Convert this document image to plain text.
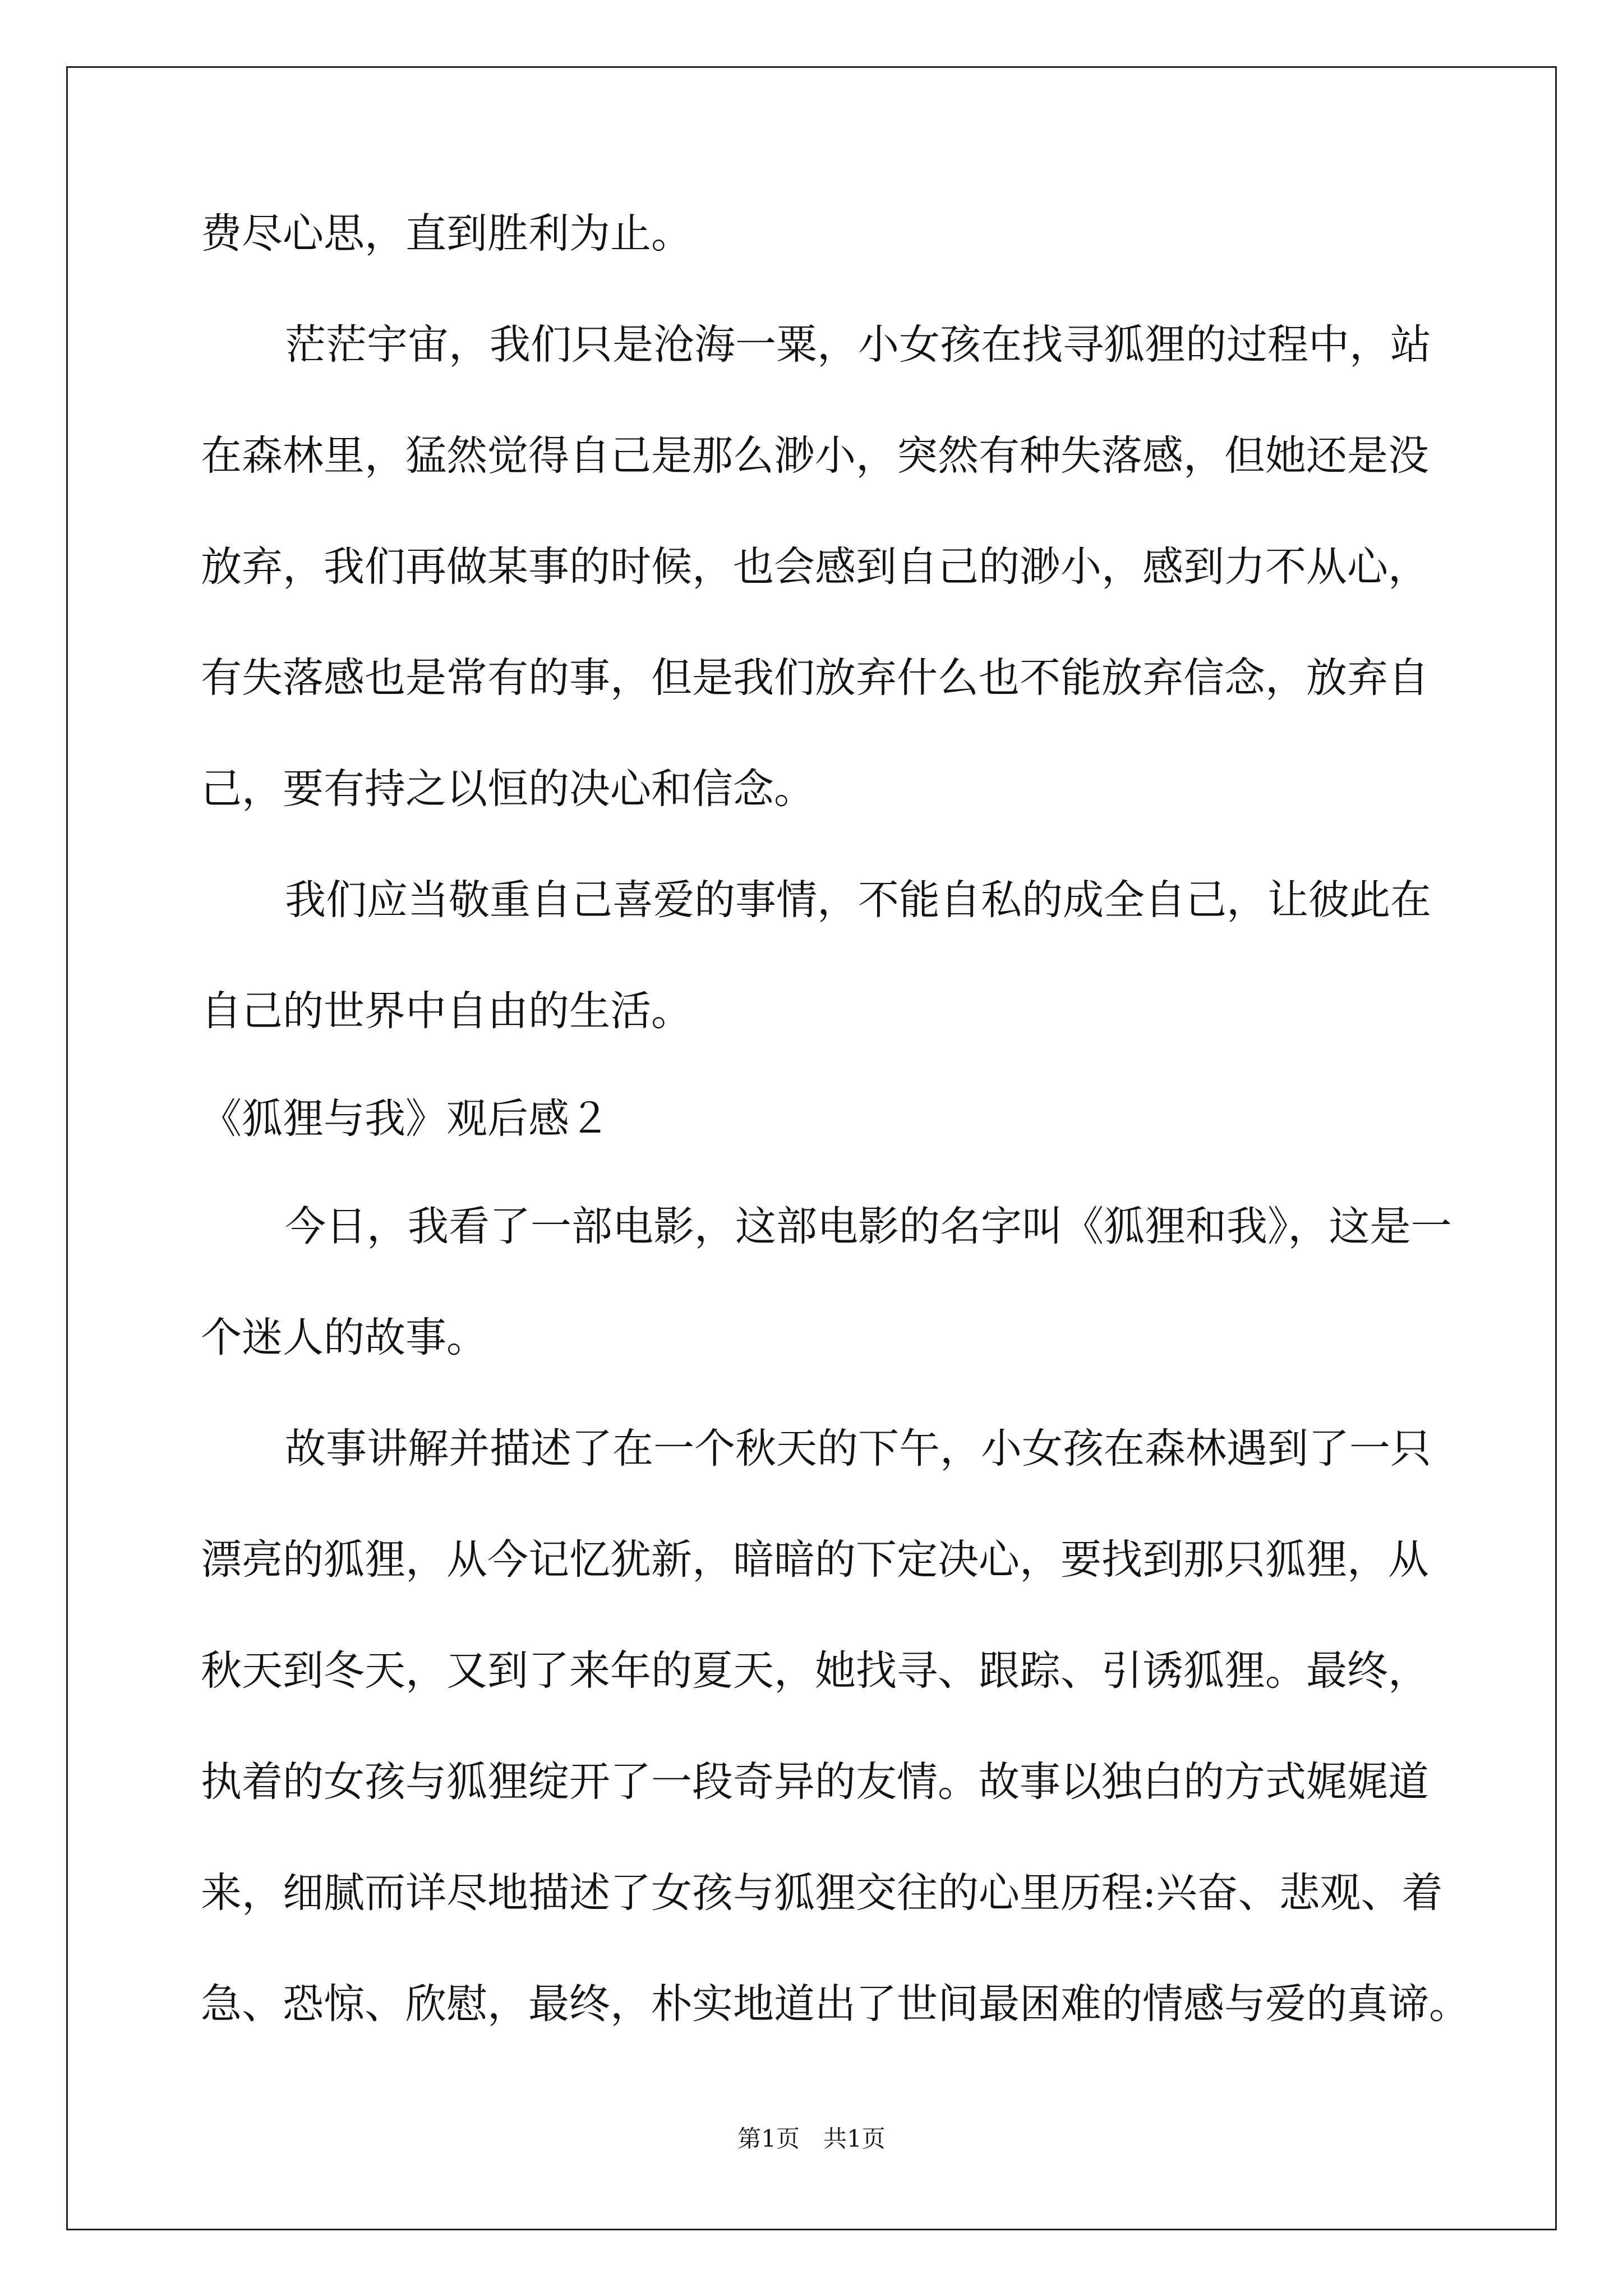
费尽心思，直到胜利为止。
茫茫宇宙，我们只是沧海一粟，小女孩在找寻狐狸的过程中，站
在森林里，猛然觉得自己是那么渺小，突然有种失落感，但她还是没
放弃，我们再做某事的时候，也会感到自己的渺小，感到力不从心，
有失落感也是常有的事，但是我们放弃什么也不能放弃信念，放弃自
己，要有持之以恒的决心和信念。
我们应当敬重自己喜爱的事情，不能自私的成全自己，让彼此在
自己的世界中自由的生活。
《狐狸与我》观后感２
今日，我看了一部电影，这部电影的名字叫《狐狸和我》，这是一
个迷人的故事。
故事讲解并描述了在一个秋天的下午，小女孩在森林遇到了一只
漂亮的狐狸，从今记忆犹新，暗暗的下定决心，要找到那只狐狸，从
秋天到冬天，又到了来年的夏天，她找寻、跟踪、引诱狐狸。最终，
执着的女孩与狐狸绽开了一段奇异的友情。故事以独白的方式娓娓道
来，细腻而详尽地描述了女孩与狐狸交往的心里历程:兴奋、悲观、着
急、恐惊、欣慰，最终，朴实地道出了世间最困难的情感与爱的真谛。
第1页　共1页
